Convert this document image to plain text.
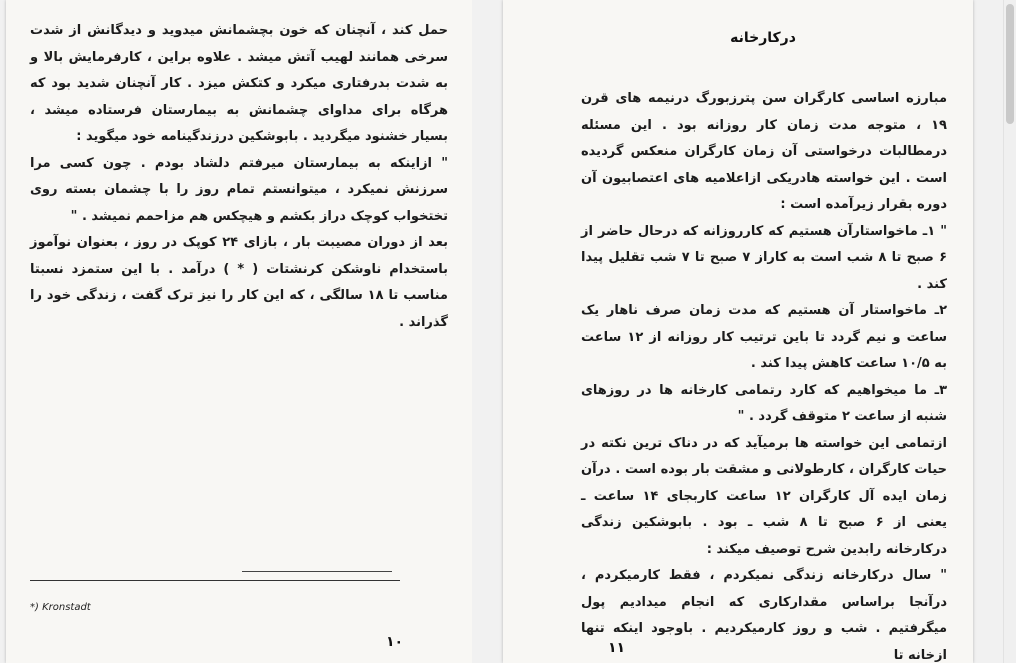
حمل کند ، آنچنان که خون بچشمانش میدوید و دیدگانش از شدت سرخی همانند لهیب آتش میشد . علاوه براین ، کارفرمایش بالا و به شدت بدرفتاری میکرد و کتکش میزد . کار آنچنان شدید بود که هرگاه برای مداوای چشمانش به بیمارستان فرستاده میشد ، بسیار خشنود میگردید . بابوشکین درزندگینامه خود میگوید :

" ازاینکه به بیمارستان میرفتم دلشاد بودم . چون کسی مرا سرزنش نمیکرد ، میتوانستم تمام روز را با چشمان بسته روی تختخواب کوچک دراز بکشم و هیچکس هم مزاحمم نمیشد . "

بعد از دوران مصیبت بار ، بازای ۲۴ کوپک در روز ، بعنوان نوآموز باستخدام ناوشکن کرنشتات ( * ) درآمد . با این ستمزد نسبتا مناسب تا ۱۸ سالگی ، که این کار را نیز ترک گفت ، زندگی خود را گذراند .

*) Kronstadt
۱۰
درکارخانه

مبارزه اساسی کارگران سن پترزبورگ درنیمه های قرن ۱۹ ، متوجه مدت زمان کار روزانه بود . این مسئله درمطالبات درخواستی آن زمان کارگران منعکس گردیده است . این خواسته هادریکی ازاعلامیه های اعتصابیون آن دوره بقرار زیرآمده است :

" ۱ـ ماخواستارآن هستیم که کارروزانه که درحال حاضر از ۶ صبح تا ۸ شب است به کاراز ۷ صبح تا ۷ شب تقلیل پیدا کند .

۲ـ ماخواستار آن هستیم که مدت زمان صرف ناهار یک ساعت و نیم گردد تا باین ترتیب کار روزانه از ۱۲ ساعت به ۱۰/۵ ساعت کاهش پیدا کند .

۳ـ ما میخواهیم که کارد رتمامی کارخانه ها در روزهای شنبه از ساعت ۲ متوقف گردد . "

ازتمامی این خواسته ها برمیآید که در دناک ترین نکته در حیات کارگران ، کارطولانی و مشقت بار بوده است . درآن زمان ایده آل کارگران ۱۲ ساعت کاربجای ۱۴ ساعت ـ یعنی از ۶ صبح تا ۸ شب ـ بود . بابوشکین زندگی درکارخانه رابدین شرح توصیف میکند :

" سال درکارخانه زندگی نمیکردم ، فقط کارمیکردم ، درآنجا براساس مقدارکاری که انجام میدادیم پول میگرفتیم . شب و روز کارمیکردیم . باوجود اینکه تنها ازخانه تا

۱۱
